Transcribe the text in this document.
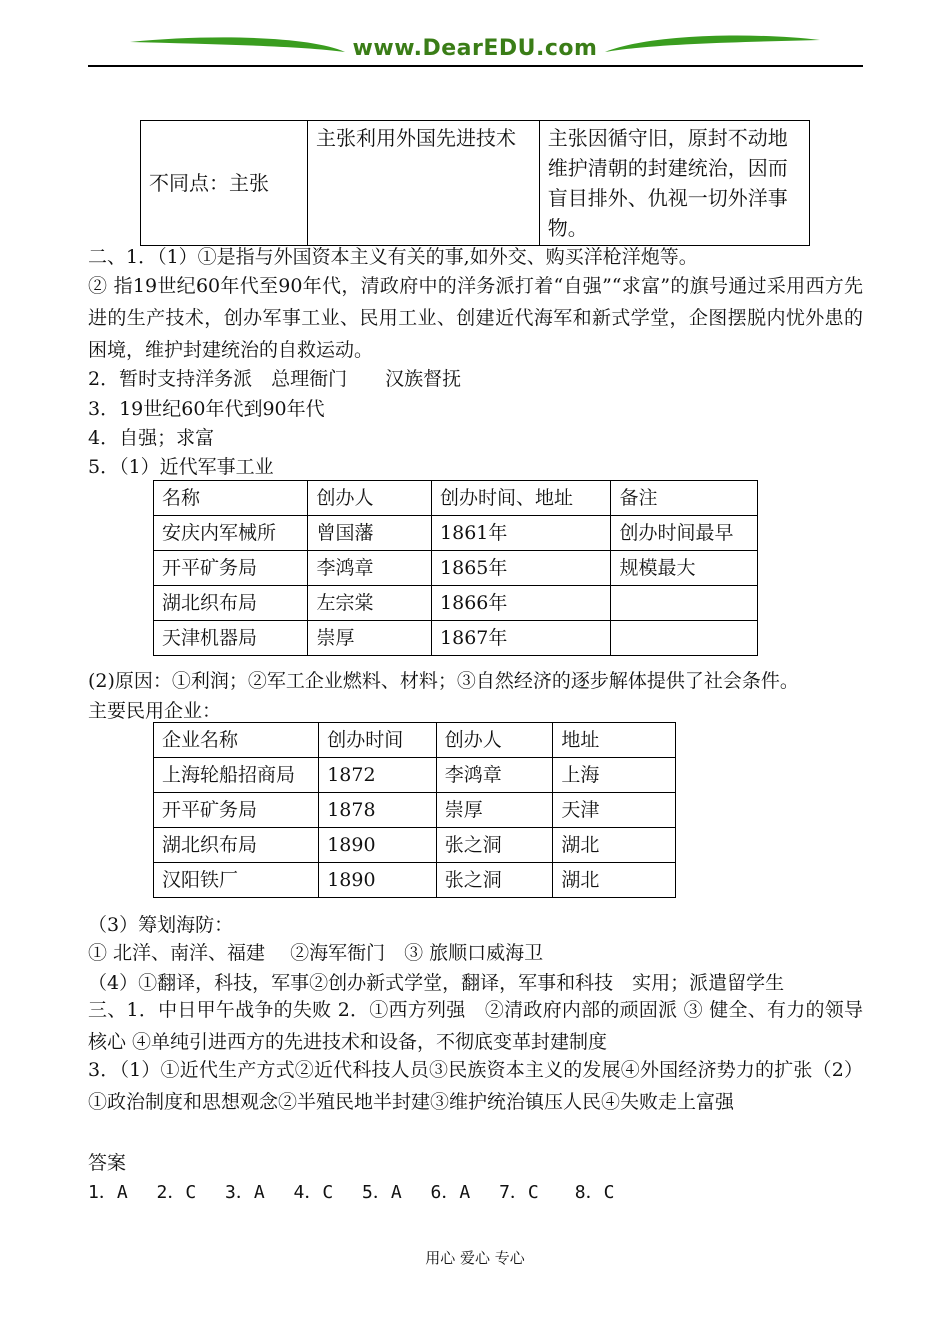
www.DearEDU.com
不同点：主张	主张利用外国先进技术	主张因循守旧，原封不动地维护清朝的封建统治，因而盲目排外、仇视一切外洋事物。
二、1．（1）①是指与外国资本主义有关的事,如外交、购买洋枪洋炮等。
② 指19世纪60年代至90年代，清政府中的洋务派打着“自强”“求富”的旗号通过采用西方先进的生产技术，创办军事工业、民用工业、创建近代海军和新式学堂，企图摆脱内忧外患的困境，维护封建统治的自救运动。
2．暂时支持洋务派　总理衙门　　汉族督抚
3．19世纪60年代到90年代
4．自强；求富
5．（1）近代军事工业
名称	创办人	创办时间、地址	备注
安庆内军械所	曾国藩	1861年	创办时间最早
开平矿务局	李鸿章	1865年	规模最大
湖北织布局	左宗棠	1866年	
天津机器局	崇厚	1867年	
(2)原因：①利润；②军工企业燃料、材料；③自然经济的逐步解体提供了社会条件。
主要民用企业：
企业名称	创办时间	创办人	地址
上海轮船招商局	1872	李鸿章	上海
开平矿务局	1878	崇厚	天津
湖北织布局	1890	张之洞	湖北
汉阳铁厂	1890	张之洞	湖北
（3）筹划海防：
① 北洋、南洋、福建　 ②海军衙门　③ 旅顺口威海卫
（4）①翻译，科技，军事②创办新式学堂，翻译，军事和科技　实用；派遣留学生
三、1．中日甲午战争的失败 2．①西方列强　②清政府内部的顽固派 ③ 健全、有力的领导核心 ④单纯引进西方的先进技术和设备，不彻底变革封建制度
3．（1）①近代生产方式②近代科技人员③民族资本主义的发展④外国经济势力的扩张（2）①政治制度和思想观念②半殖民地半封建③维护统治镇压人民④失败走上富强
答案
1．A　 2．C　 3．A　 4．C　 5．A　 6．A　 7．C　　8．C
用心 爱心 专心
